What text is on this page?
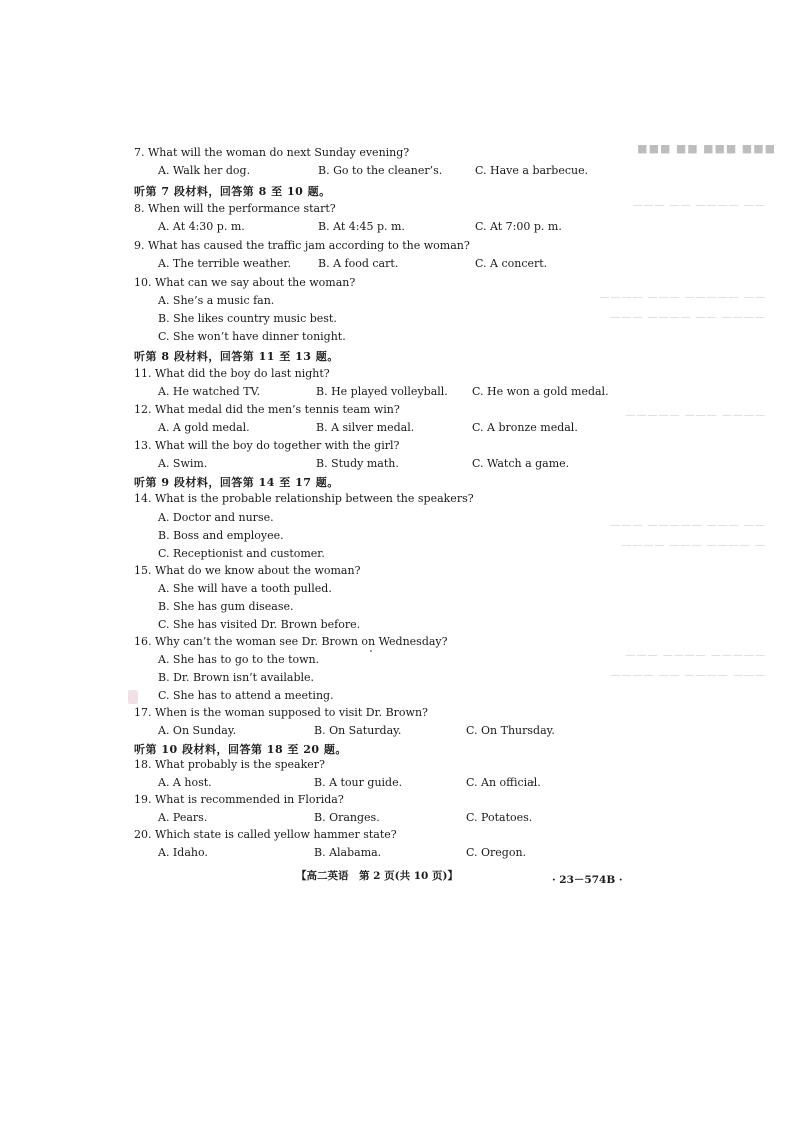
■■■ ■■ ■■■ ■■■
——— —— ———— ——
———— ——— ————— ——
——— ———— —— ————
————— ——— ————
——— ————— ——— ——
———— ——— ———— —
——— ———— —————
———— —— ———— ———
7. What will the woman do next Sunday evening?
A. Walk her dog.	B. Go to the cleaner’s.	C. Have a barbecue.
听第 7 段材料，回答第 8 至 10 题。
8. When will the performance start?
A. At 4:30 p. m.	B. At 4:45 p. m.	C. At 7:00 p. m.
9. What has caused the traffic jam according to the woman?
A. The terrible weather. B. A food cart.	C. A concert.
10. What can we say about the woman?
A. She’s a music fan.
B. She likes country music best.
C. She won’t have dinner tonight.
听第 8 段材料，回答第 11 至 13 题。
11. What did the boy do last night?
A. He watched TV.	B. He played volleyball. C. He won a gold medal.
12. What medal did the men’s tennis team win?
A. A gold medal.	B. A silver medal.	C. A bronze medal.
13. What will the boy do together with the girl?
A. Swim.	B. Study math.	C. Watch a game.
听第 9 段材料，回答第 14 至 17 题。
14. What is the probable relationship between the speakers?
A. Doctor and nurse.
B. Boss and employee.
C. Receptionist and customer.
15. What do we know about the woman?
A. She will have a tooth pulled.
B. She has gum disease.
C. She has visited Dr. Brown before.
16. Why can’t the woman see Dr. Brown on Wednesday?
A. She has to go to the town.
B. Dr. Brown isn’t available.
C. She has to attend a meeting.
17. When is the woman supposed to visit Dr. Brown?
A. On Sunday.	B. On Saturday.	C. On Thursday.
听第 10 段材料，回答第 18 至 20 题。
18. What probably is the speaker?
A. A host.	B. A tour guide.	C. An official.
19. What is recommended in Florida?
A. Pears.	B. Oranges.	C. Potatoes.
20. Which state is called yellow hammer state?
A. Idaho.	B. Alabama.	C. Oregon.
【高二英语　第 2 页(共 10 页)】	· 23－574B ·
